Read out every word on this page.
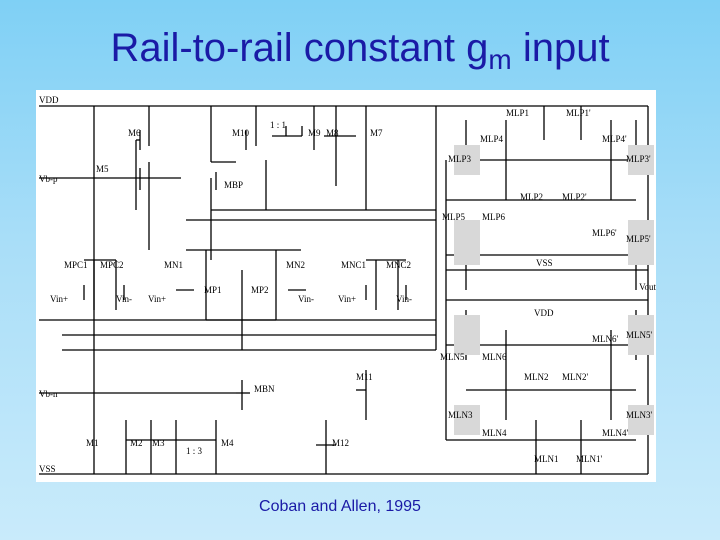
Rail-to-rail constant $g_m$ input
VDD
Vb-p
Vb-n
VSS
M6
M5
M10
1 : 1
M9 M8	M7
MBP
MPC1 MPC2
Vin+	Vin-
MN1	MN2
MP1	MP2
Vin+	Vin-
MNC1 MNC2
Vin+	Vin-
MBN
M11
M1	M2 M3
1 : 3
M4	M12
MLP1	MLP1'
MLP3
MLP4	MLP4'
MLP3'
MLP2 MLP2'
MLP5 MLP6
MLP6'
MLP5'
VSS
Vout
VDD
MLN5 MLN6
MLN6' MLN5'
MLN2 MLN2'
MLN3
MLN4	MLN4'
MLN3'
MLN1 MLN1'
Coban and Allen, 1995
